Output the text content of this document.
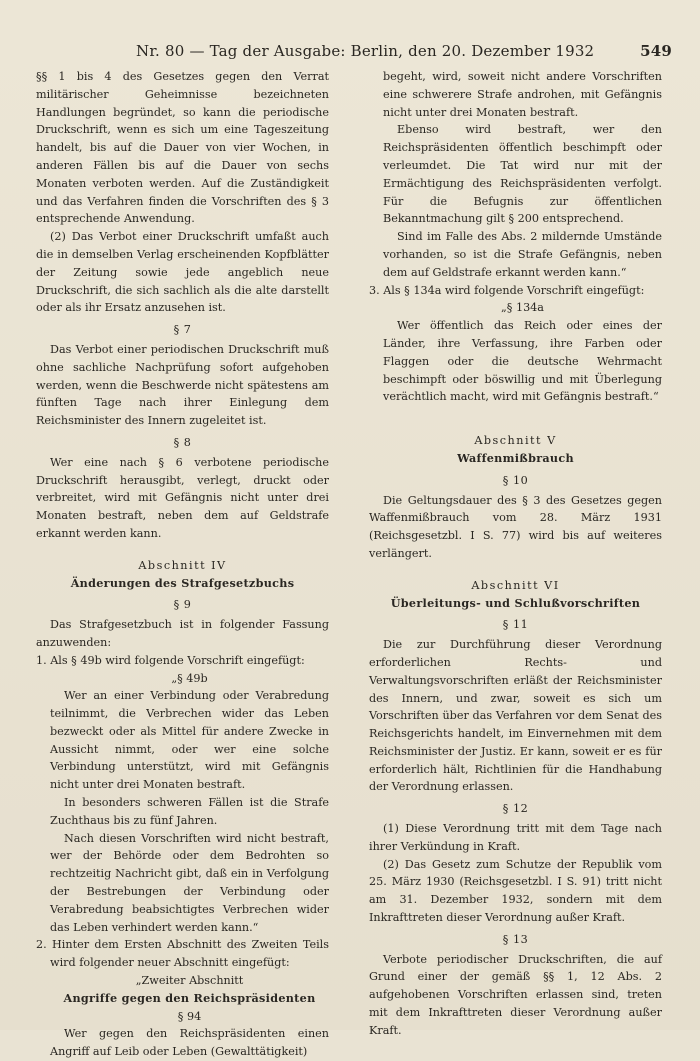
Nr. 80 — Tag der Ausgabe: Berlin, den 20. Dezember 1932	549

§§ 1 bis 4 des Gesetzes gegen den Verrat militärischer Geheimnisse bezeichneten Handlungen begründet, so kann die periodische Druckschrift, wenn es sich um eine Tageszeitung handelt, bis auf die Dauer von vier Wochen, in anderen Fällen bis auf die Dauer von sechs Monaten verboten werden. Auf die Zuständigkeit und das Verfahren finden die Vorschriften des § 3 entsprechende Anwendung.

(2) Das Verbot einer Druckschrift umfaßt auch die in demselben Verlag erscheinenden Kopfblätter der Zeitung sowie jede angeblich neue Druckschrift, die sich sachlich als die alte darstellt oder als ihr Ersatz anzusehen ist.

§ 7

Das Verbot einer periodischen Druckschrift muß ohne sachliche Nachprüfung sofort aufgehoben werden, wenn die Beschwerde nicht spätestens am fünften Tage nach ihrer Einlegung dem Reichsminister des Innern zugeleitet ist.

§ 8

Wer eine nach § 6 verbotene periodische Druckschrift herausgibt, verlegt, druckt oder verbreitet, wird mit Gefängnis nicht unter drei Monaten bestraft, neben dem auf Geldstrafe erkannt werden kann.

Abschnitt IV

Änderungen des Strafgesetzbuchs

§ 9

Das Strafgesetzbuch ist in folgender Fassung anzuwenden:

1. Als § 49b wird folgende Vorschrift eingefügt:

„§ 49b

Wer an einer Verbindung oder Verabredung teilnimmt, die Verbrechen wider das Leben bezweckt oder als Mittel für andere Zwecke in Aussicht nimmt, oder wer eine solche Verbindung unterstützt, wird mit Gefängnis nicht unter drei Monaten bestraft.

In besonders schweren Fällen ist die Strafe Zuchthaus bis zu fünf Jahren.

Nach diesen Vorschriften wird nicht bestraft, wer der Behörde oder dem Bedrohten so rechtzeitig Nachricht gibt, daß ein in Verfolgung der Bestrebungen der Verbindung oder Verabredung beabsichtigtes Verbrechen wider das Leben verhindert werden kann.“

2. Hinter dem Ersten Abschnitt des Zweiten Teils wird folgender neuer Abschnitt eingefügt:

„Zweiter Abschnitt

Angriffe gegen den Reichspräsidenten

§ 94

Wer gegen den Reichspräsidenten einen Angriff auf Leib oder Leben (Gewalttätigkeit)

begeht, wird, soweit nicht andere Vorschriften eine schwerere Strafe androhen, mit Gefängnis nicht unter drei Monaten bestraft.

Ebenso wird bestraft, wer den Reichspräsidenten öffentlich beschimpft oder verleumdet. Die Tat wird nur mit der Ermächtigung des Reichspräsidenten verfolgt. Für die Befugnis zur öffentlichen Bekanntmachung gilt § 200 entsprechend.

Sind im Falle des Abs. 2 mildernde Umstände vorhanden, so ist die Strafe Gefängnis, neben dem auf Geldstrafe erkannt werden kann.“

3. Als § 134a wird folgende Vorschrift eingefügt:

„§ 134a

Wer öffentlich das Reich oder eines der Länder, ihre Verfassung, ihre Farben oder Flaggen oder die deutsche Wehrmacht beschimpft oder böswillig und mit Überlegung verächtlich macht, wird mit Gefängnis bestraft.“

Abschnitt V

Waffenmißbrauch

§ 10

Die Geltungsdauer des § 3 des Gesetzes gegen Waffenmißbrauch vom 28. März 1931 (Reichsgesetzbl. I S. 77) wird bis auf weiteres verlängert.

Abschnitt VI

Überleitungs- und Schlußvorschriften

§ 11

Die zur Durchführung dieser Verordnung erforderlichen Rechts- und Verwaltungsvorschriften erläßt der Reichsminister des Innern, und zwar, soweit es sich um Vorschriften über das Verfahren vor dem Senat des Reichsgerichts handelt, im Einvernehmen mit dem Reichsminister der Justiz. Er kann, soweit er es für erforderlich hält, Richtlinien für die Handhabung der Verordnung erlassen.

§ 12

(1) Diese Verordnung tritt mit dem Tage nach ihrer Verkündung in Kraft.

(2) Das Gesetz zum Schutze der Republik vom 25. März 1930 (Reichsgesetzbl. I S. 91) tritt nicht am 31. Dezember 1932, sondern mit dem Inkrafttreten dieser Verordnung außer Kraft.

§ 13

Verbote periodischer Druckschriften, die auf Grund einer der gemäß §§ 1, 12 Abs. 2 aufgehobenen Vorschriften erlassen sind, treten mit dem Inkrafttreten dieser Verordnung außer Kraft.
